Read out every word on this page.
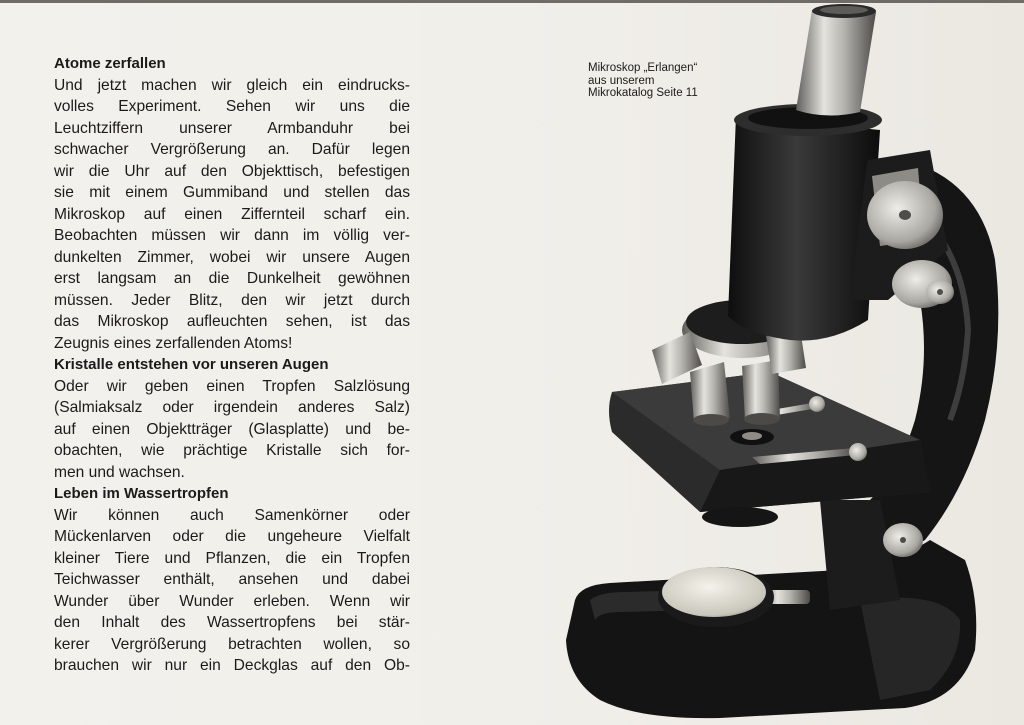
Atome zerfallen
Und jetzt machen wir gleich ein eindrucks-
volles Experiment. Sehen wir uns die
Leuchtziffern unserer Armbanduhr bei
schwacher Vergrößerung an. Dafür legen
wir die Uhr auf den Objekttisch, befestigen
sie mit einem Gummiband und stellen das
Mikroskop auf einen Ziffernteil scharf ein.
Beobachten müssen wir dann im völlig ver-
dunkelten Zimmer, wobei wir unsere Augen
erst langsam an die Dunkelheit gewöhnen
müssen. Jeder Blitz, den wir jetzt durch
das Mikroskop aufleuchten sehen, ist das
Zeugnis eines zerfallenden Atoms!
Kristalle entstehen vor unseren Augen
Oder wir geben einen Tropfen Salzlösung
(Salmiaksalz oder irgendein anderes Salz)
auf einen Objektträger (Glasplatte) und be-
obachten, wie prächtige Kristalle sich for-
men und wachsen.
Leben im Wassertropfen
Wir können auch Samenkörner oder
Mückenlarven oder die ungeheure Vielfalt
kleiner Tiere und Pflanzen, die ein Tropfen
Teichwasser enthält, ansehen und dabei
Wunder über Wunder erleben. Wenn wir
den Inhalt des Wassertropfens bei stär-
kerer Vergrößerung betrachten wollen, so
brauchen wir nur ein Deckglas auf den Ob-
Mikroskop „Erlangen“
aus unserem
Mikrokatalog Seite 11
